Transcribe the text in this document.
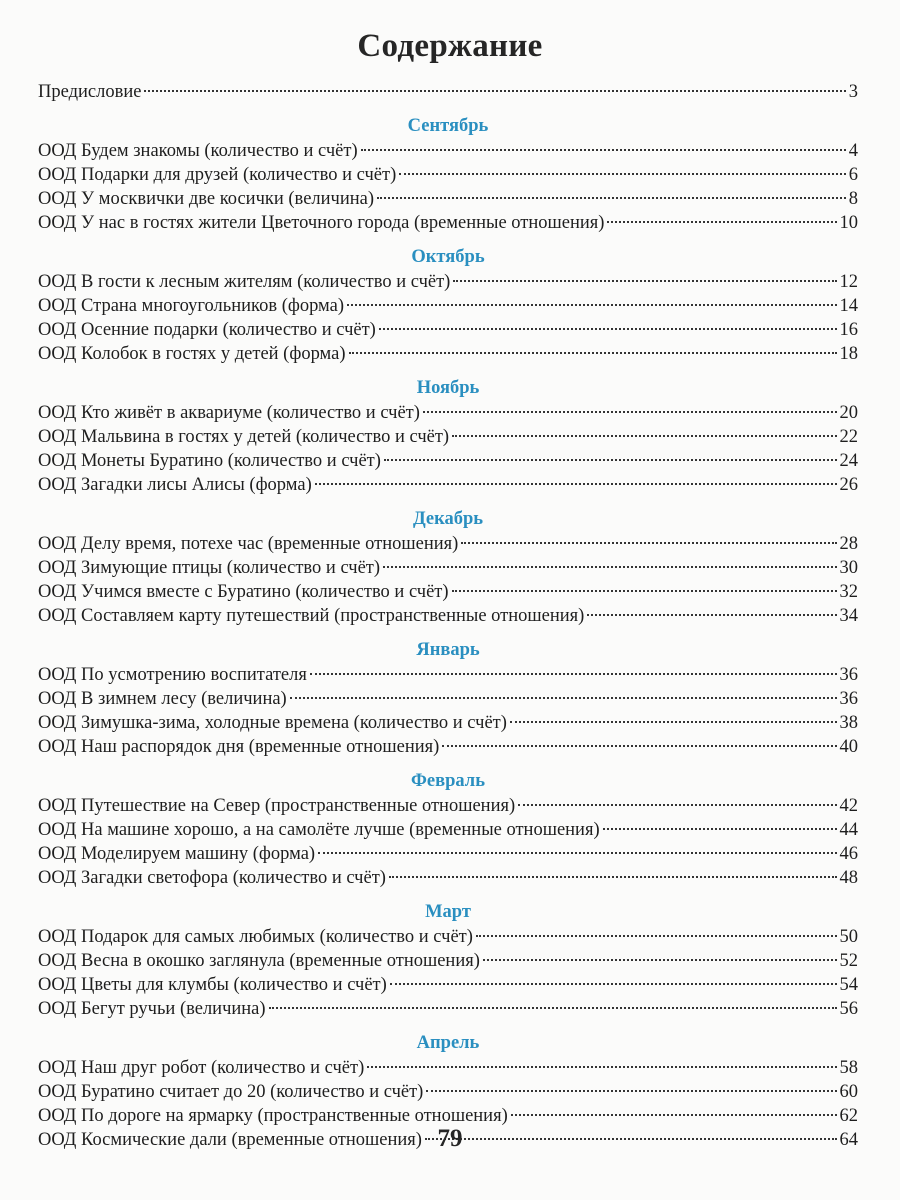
Содержание
Предисловие	3
Сентябрь
ООД Будем знакомы (количество и счёт)	4
ООД Подарки для друзей (количество и счёт)	6
ООД У москвички две косички (величина)	8
ООД У нас в гостях жители Цветочного города (временные отношения)	10
Октябрь
ООД В гости к лесным жителям (количество и счёт)	12
ООД Страна многоугольников (форма)	14
ООД Осенние подарки (количество и счёт)	16
ООД Колобок в гостях у детей (форма)	18
Ноябрь
ООД Кто живёт в аквариуме (количество и счёт)	20
ООД Мальвина в гостях у детей (количество и счёт)	22
ООД Монеты Буратино (количество и счёт)	24
ООД Загадки лисы Алисы (форма)	26
Декабрь
ООД Делу время, потехе час (временные отношения)	28
ООД Зимующие птицы (количество и счёт)	30
ООД Учимся вместе с Буратино (количество и счёт)	32
ООД Составляем карту путешествий (пространственные отношения)	34
Январь
ООД По усмотрению воспитателя	36
ООД В зимнем лесу (величина)	36
ООД Зимушка-зима, холодные времена (количество и счёт)	38
ООД Наш распорядок дня (временные отношения)	40
Февраль
ООД Путешествие на Север (пространственные отношения)	42
ООД На машине хорошо, а на самолёте лучше (временные отношения)	44
ООД Моделируем машину (форма)	46
ООД Загадки светофора (количество и счёт)	48
Март
ООД Подарок для самых любимых (количество и счёт)	50
ООД Весна в окошко заглянула (временные отношения)	52
ООД Цветы для клумбы (количество и счёт)	54
ООД Бегут ручьи (величина)	56
Апрель
ООД Наш друг робот (количество и счёт)	58
ООД Буратино считает до 20 (количество и счёт)	60
ООД По дороге на ярмарку (пространственные отношения)	62
ООД Космические дали (временные отношения)	64
79
